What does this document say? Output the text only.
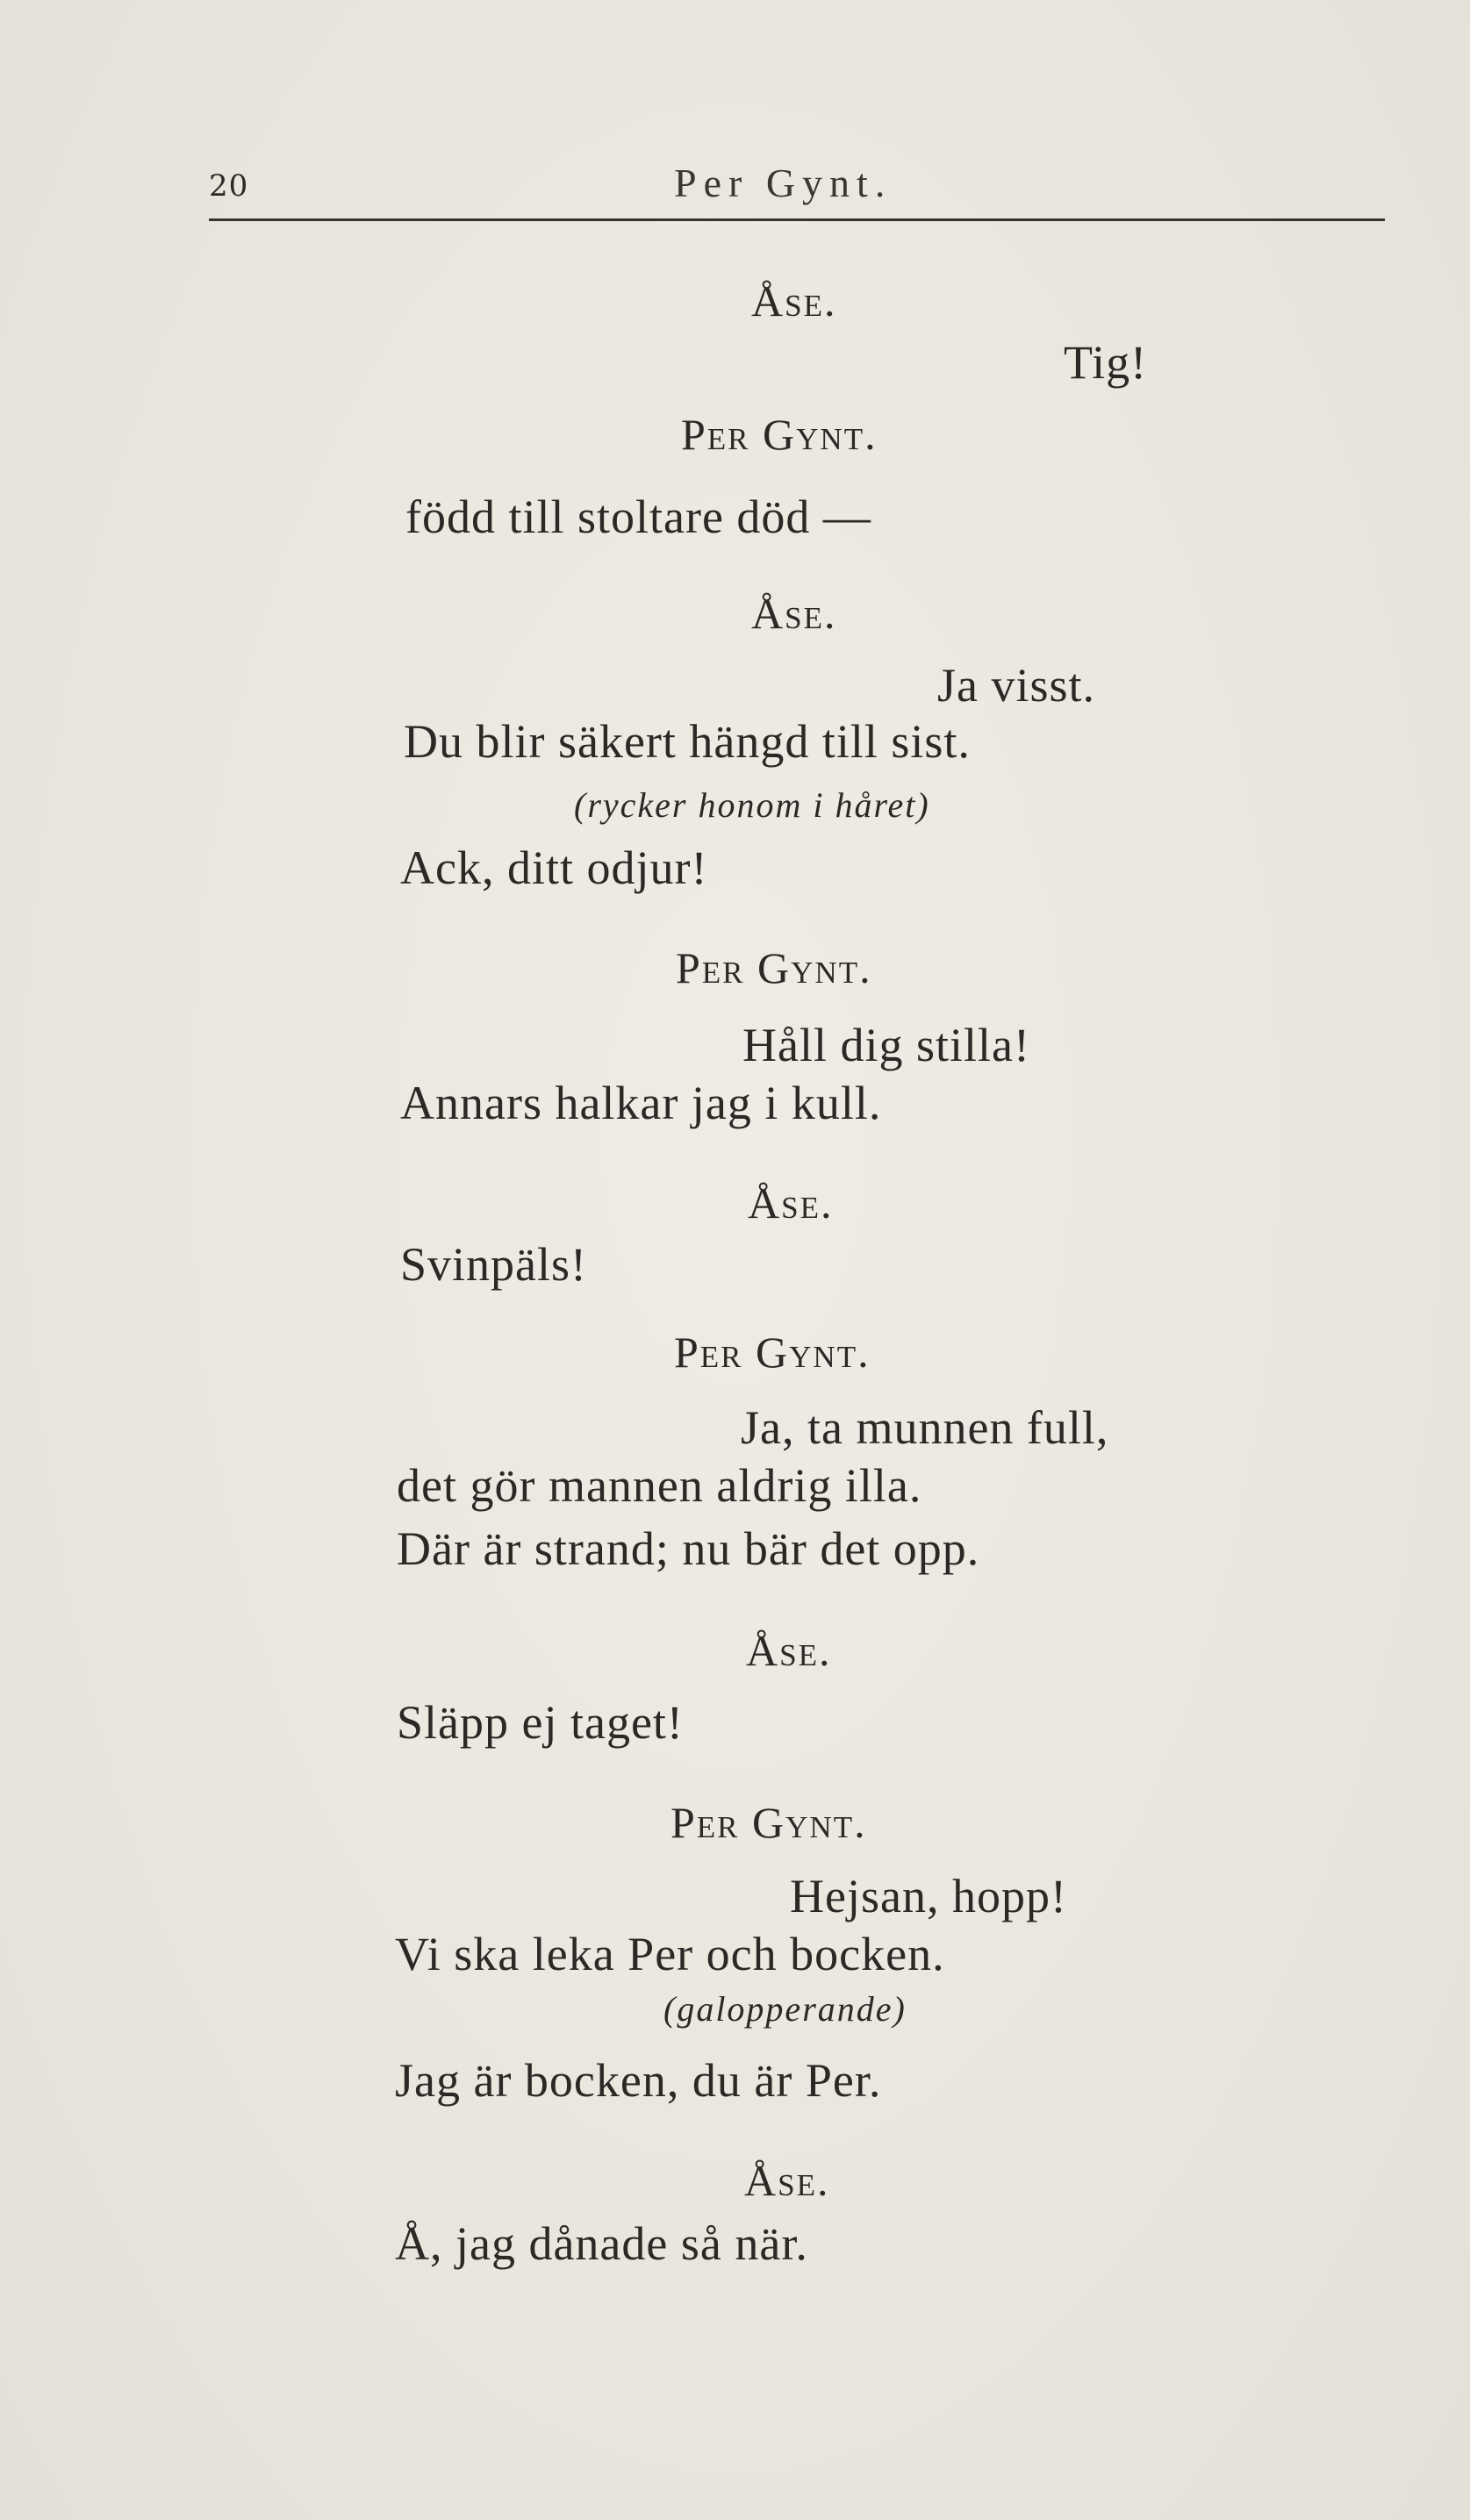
20	Per Gynt.
Åse.
Tig!
Per Gynt.
född till stoltare död —
Åse.
Ja visst.
Du blir säkert hängd till sist.
(rycker honom i håret)
Ack, ditt odjur!
Per Gynt.
Håll dig stilla!
Annars halkar jag i kull.
Åse.
Svinpäls!
Per Gynt.
Ja, ta munnen full,
det gör mannen aldrig illa.
Där är strand; nu bär det opp.
Åse.
Släpp ej taget!
Per Gynt.
Hejsan, hopp!
Vi ska leka Per och bocken.
(galopperande)
Jag är bocken, du är Per.
Åse.
Å, jag dånade så när.
